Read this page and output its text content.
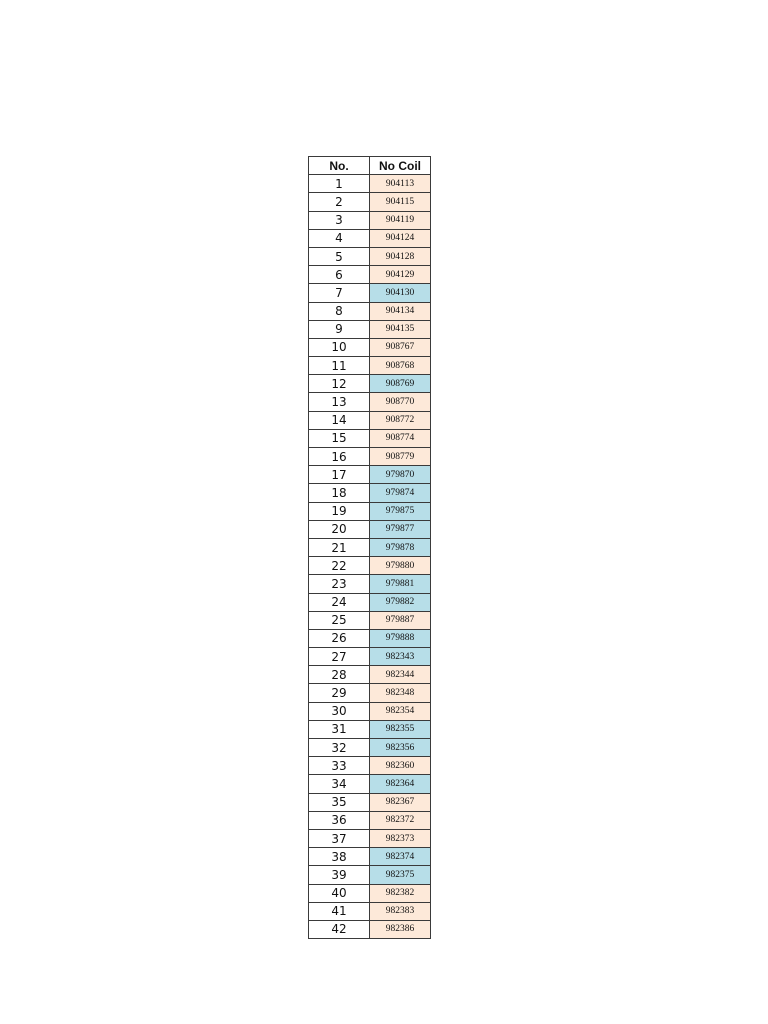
No.	No Coil
1	904113
2	904115
3	904119
4	904124
5	904128
6	904129
7	904130
8	904134
9	904135
10	908767
11	908768
12	908769
13	908770
14	908772
15	908774
16	908779
17	979870
18	979874
19	979875
20	979877
21	979878
22	979880
23	979881
24	979882
25	979887
26	979888
27	982343
28	982344
29	982348
30	982354
31	982355
32	982356
33	982360
34	982364
35	982367
36	982372
37	982373
38	982374
39	982375
40	982382
41	982383
42	982386
